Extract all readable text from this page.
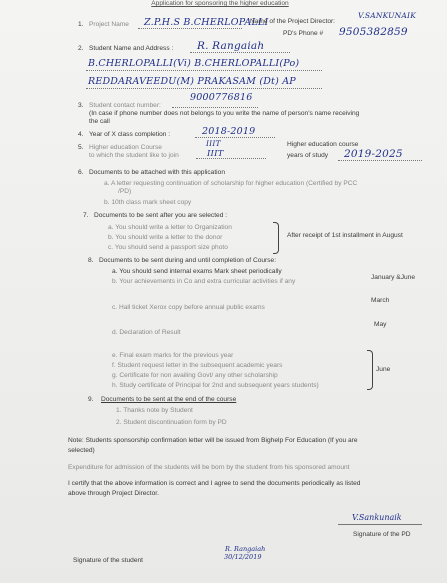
Application for sponsoring the higher education
1. Project Name Z.P.H.S B.CHERLOPALLI
Name of the Project Director:
V.SANKUNAIK
PD's Phone # 9505382859
2. Student Name and Address : R. Rangaiah
B.CHERLOPALLI(Vi) B.CHERLOPALLI(Po)
REDDARAVEEDU(M) PRAKASAM (Dt) AP
9000776816
3. Student contact number:
(In case if phone number does not belongs to you write the name of person's name receiving
the call
4. Year of X class completion :	2018-2019
5. Higher education Course
to which the student like to join
IIIT
IIIT
Higher education course
years of study 2019-2025
6. Documents to be attached with this application
a. A letter requesting continuation of scholarship for higher education (Certified by PCC
/PD)
b. 10th class mark sheet copy
7. Documents to be sent after you are selected :
a. You should write a letter to Organization
b. You should write a letter to the donor
c. You should send a passport size photo
After receipt of 1st installment in August
8. Documents to be sent during and until completion of Course:
a. You should send internal exams Mark sheet periodically
b. Your achievements in Co and extra curricular activities if any
January &June
March
c. Hall ticket Xerox copy before annual public exams
May
d. Declaration of Result
e. Final exam marks for the previous year
f. Student request letter in the subsequent academic years
g. Certificate for non availing Govt/ any other scholarship
h. Study certificate of Principal for 2nd and subsequent years students)
June
9. Documents to be sent at the end of the course
1. Thanks note by Student
2. Student discontinuation form by PD
Note: Students sponsorship confirmation letter will be issued from Bighelp For Education (If you are
selected)
Expenditure for admission of the students will be born by the student from his sponsored amount
I certify that the above information is correct and I agree to send the documents periodically as listed
above through Project Director.
V.Sankunaik
Signature of the PD
R. Rangaiah
30/12/2019
Signature of the student
